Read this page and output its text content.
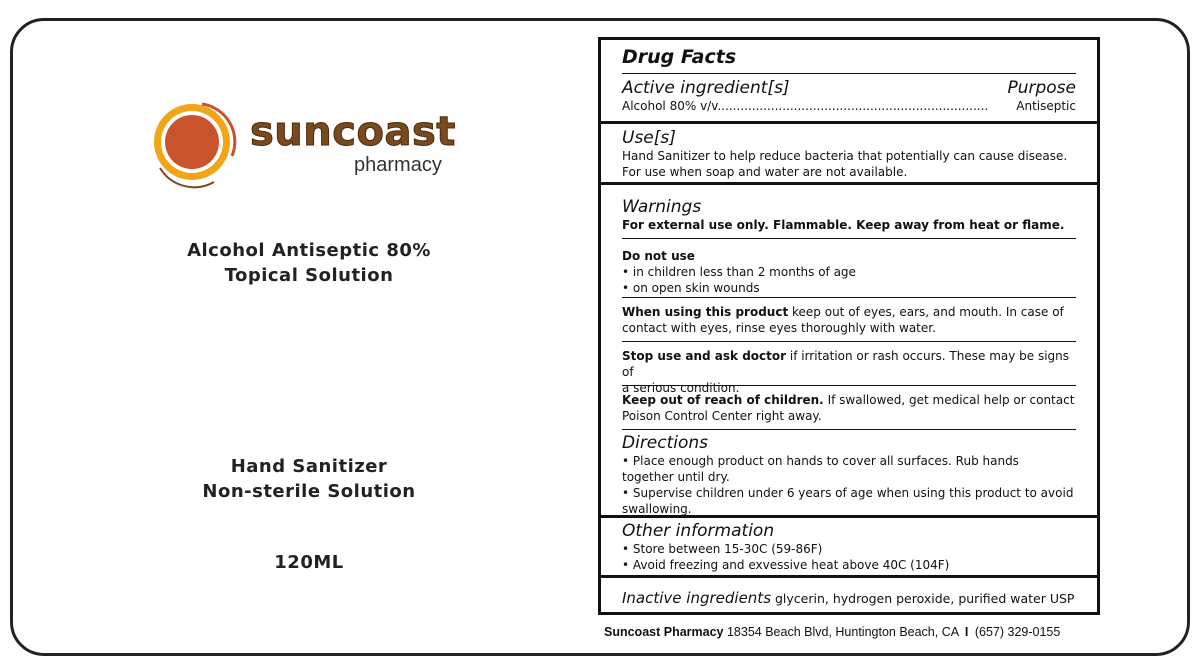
suncoast
pharmacy
Alcohol Antiseptic 80%
Topical Solution
Hand Sanitizer
Non-sterile Solution
120ML
Drug Facts
Active ingredient[s]	Purpose
Alcohol 80% v/v....................................................................... Antiseptic
Use[s]
Hand Sanitizer to help reduce bacteria that potentially can cause disease.
For use when soap and water are not available.
Warnings
For external use only. Flammable. Keep away from heat or flame.
Do not use
• in children less than 2 months of age
• on open skin wounds
When using this product keep out of eyes, ears, and mouth. In case of
contact with eyes, rinse eyes thoroughly with water.
Stop use and ask doctor if irritation or rash occurs. These may be signs of
a serious condition.
Keep out of reach of children. If swallowed, get medical help or contact
Poison Control Center right away.
Directions
• Place enough product on hands to cover all surfaces. Rub hands
together until dry.
• Supervise children under 6 years of age when using this product to avoid
swallowing.
Other information
• Store between 15-30C (59-86F)
• Avoid freezing and exvessive heat above 40C (104F)
Inactive ingredients glycerin, hydrogen peroxide, purified water USP
Suncoast Pharmacy 18354 Beach Blvd, Huntington Beach, CA I (657) 329-0155
